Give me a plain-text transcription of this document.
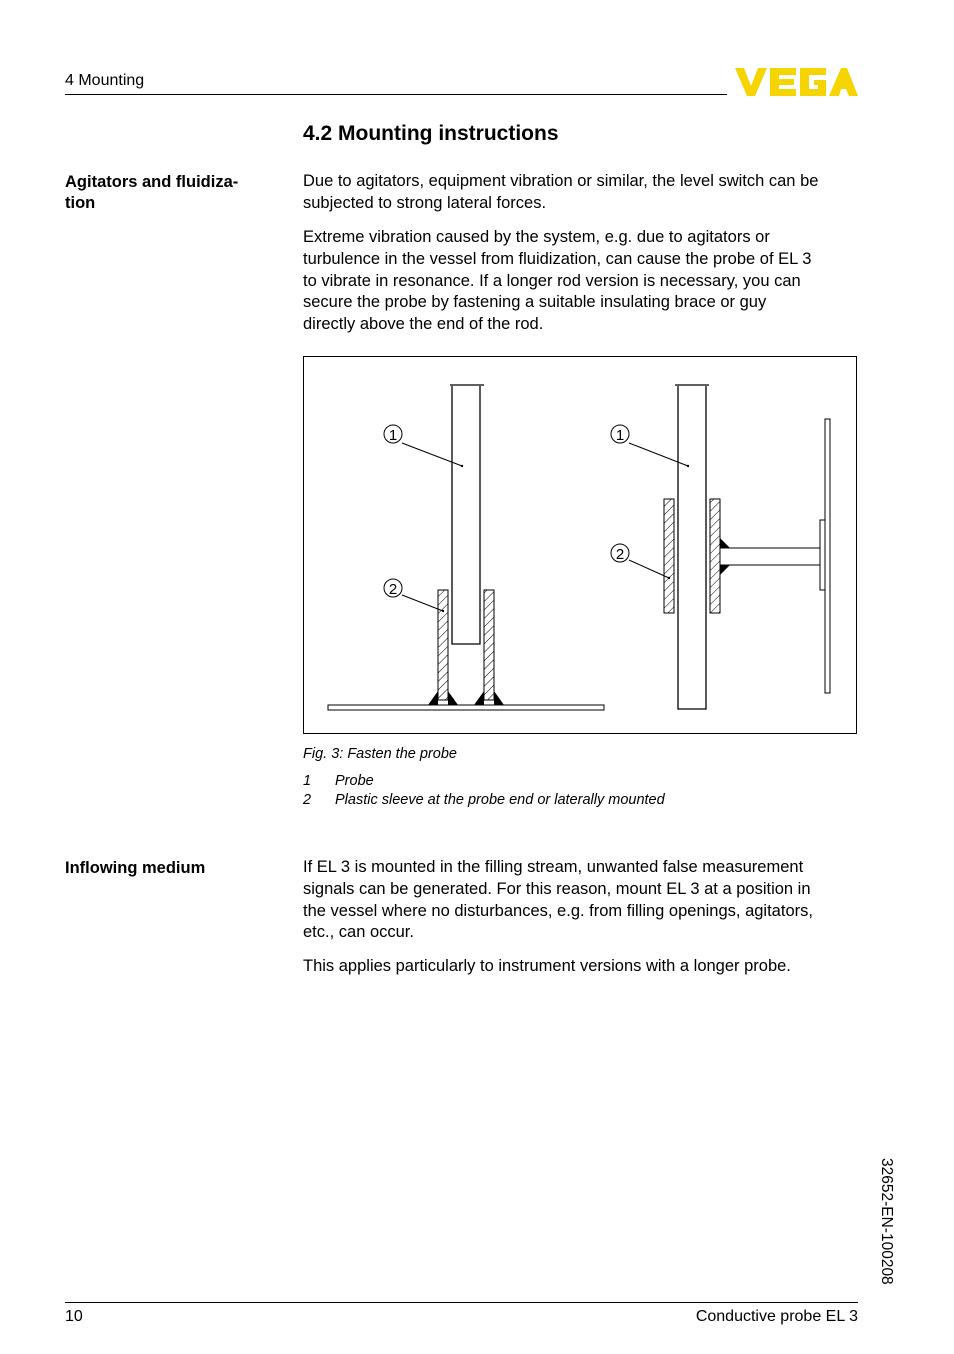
4 Mounting
4.2 Mounting instructions
Agitators and fluidiza-
tion
Due to agitators, equipment vibration or similar, the level switch can be
subjected to strong lateral forces.
Extreme vibration caused by the system, e.g. due to agitators or
turbulence in the vessel from fluidization, can cause the probe of EL 3
to vibrate in resonance. If a longer rod version is necessary, you can
secure the probe by fastening a suitable insulating brace or guy
directly above the end of the rod.
1
2
1
2
Fig. 3: Fasten the probe
1 Probe
2 Plastic sleeve at the probe end or laterally mounted
Inflowing medium	If EL 3 is mounted in the filling stream, unwanted false measurement
signals can be generated. For this reason, mount EL 3 at a position in
the vessel where no disturbances, e.g. from filling openings, agitators,
etc., can occur.
This applies particularly to instrument versions with a longer probe.
32652-EN-100208
10	Conductive probe EL 3
